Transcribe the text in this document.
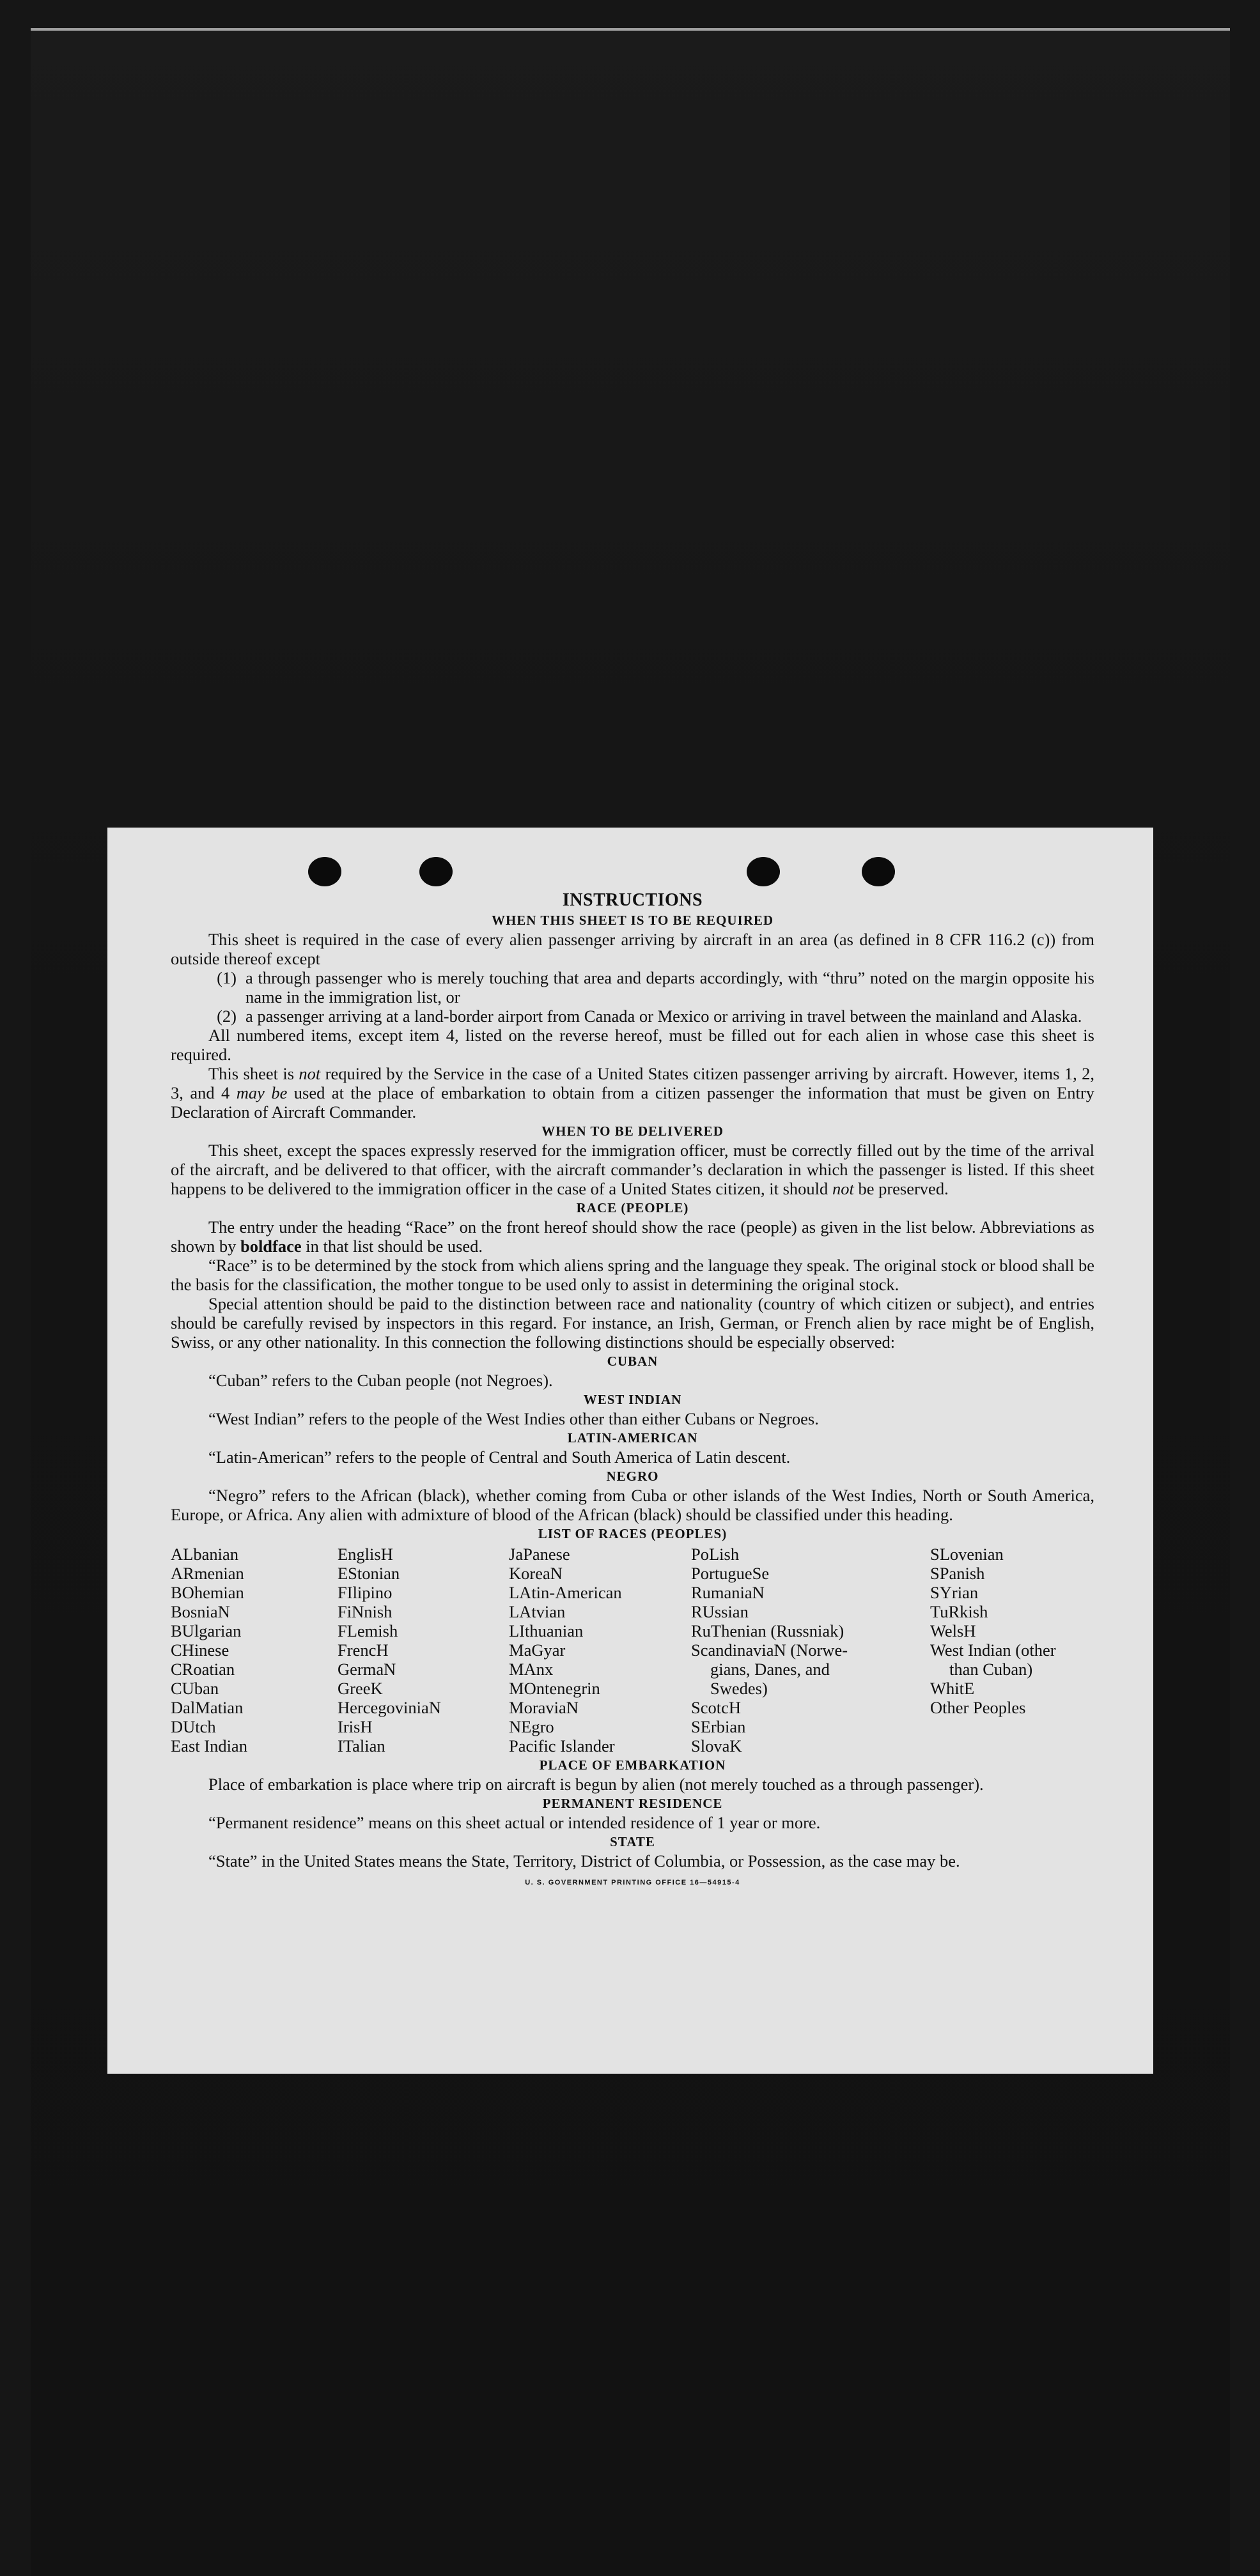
INSTRUCTIONS
WHEN THIS SHEET IS TO BE REQUIRED

This sheet is required in the case of every alien passenger arriving by aircraft in an area (as defined in 8 CFR 116.2 (c)) from outside thereof except

(1) a through passenger who is merely touching that area and departs accordingly, with “thru” noted on the margin opposite his name in the immigration list, or
(2) a passenger arriving at a land-border airport from Canada or Mexico or arriving in travel between the mainland and Alaska.

All numbered items, except item 4, listed on the reverse hereof, must be filled out for each alien in whose case this sheet is required.

This sheet is not required by the Service in the case of a United States citizen passenger arriving by aircraft. However, items 1, 2, 3, and 4 may be used at the place of embarkation to obtain from a citizen passenger the information that must be given on Entry Declaration of Aircraft Commander.

WHEN TO BE DELIVERED

This sheet, except the spaces expressly reserved for the immigration officer, must be correctly filled out by the time of the arrival of the aircraft, and be delivered to that officer, with the aircraft commander’s declaration in which the passenger is listed. If this sheet happens to be delivered to the immigration officer in the case of a United States citizen, it should not be preserved.

RACE (PEOPLE)

The entry under the heading “Race” on the front hereof should show the race (people) as given in the list below. Abbreviations as shown by boldface in that list should be used.

“Race” is to be determined by the stock from which aliens spring and the language they speak. The original stock or blood shall be the basis for the classification, the mother tongue to be used only to assist in determining the original stock.

Special attention should be paid to the distinction between race and nationality (country of which citizen or subject), and entries should be carefully revised by inspectors in this regard. For instance, an Irish, German, or French alien by race might be of English, Swiss, or any other nationality. In this connection the following distinctions should be especially observed:

CUBAN

“Cuban” refers to the Cuban people (not Negroes).

WEST INDIAN

“West Indian” refers to the people of the West Indies other than either Cubans or Negroes.

LATIN-AMERICAN

“Latin-American” refers to the people of Central and South America of Latin descent.

NEGRO

“Negro” refers to the African (black), whether coming from Cuba or other islands of the West Indies, North or South America, Europe, or Africa. Any alien with admixture of blood of the African (black) should be classified under this heading.

LIST OF RACES (PEOPLES)
ALbanian
ARmenian
BOhemian
BosniaN
BUlgarian
CHinese
CRoatian
CUban
DalMatian
DUtch
East Indian
EnglisH
EStonian
FIlipino
FiNnish
FLemish
FrencH
GermaN
GreeK
HercegoviniaN
IrisH
ITalian
JaPanese
KoreaN
LAtin-American
LAtvian
LIthuanian
MaGyar
MAnx
MOntenegrin
MoraviaN
NEgro
Pacific Islander
PoLish
PortugueSe
RumaniaN
RUssian
RuThenian (Russniak)
ScandinaviaN (Norwe-
gians, Danes, and
Swedes)
ScotcH
SErbian
SlovaK
SLovenian
SPanish
SYrian
TuRkish
WelsH
West Indian (other
than Cuban)
WhitE
Other Peoples
PLACE OF EMBARKATION

Place of embarkation is place where trip on aircraft is begun by alien (not merely touched as a through passenger).

PERMANENT RESIDENCE

“Permanent residence” means on this sheet actual or intended residence of 1 year or more.

STATE

“State” in the United States means the State, Territory, District of Columbia, or Possession, as the case may be.

U. S. GOVERNMENT PRINTING OFFICE 16—54915-4
